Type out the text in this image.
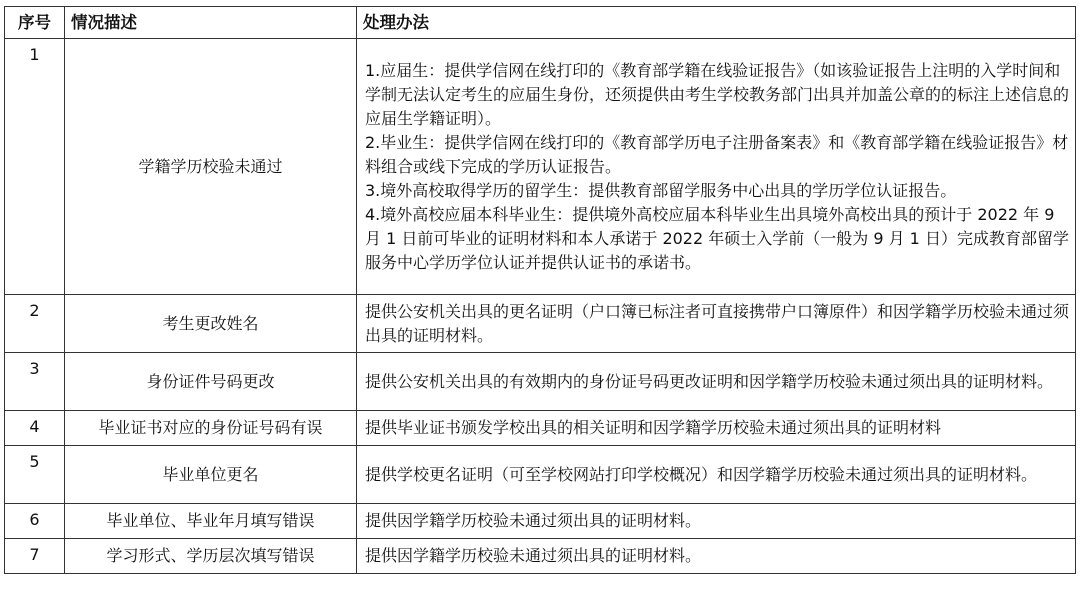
序号	情况描述	处理办法
1	学籍学历校验未通过	1.应届生：提供学信网在线打印的《教育部学籍在线验证报告》（如该验证报告上注明的入学时间和学制无法认定考生的应届生身份，还须提供由考生学校教务部门出具并加盖公章的的标注上述信息的应届生学籍证明）。

2.毕业生：提供学信网在线打印的《教育部学历电子注册备案表》和《教育部学籍在线验证报告》材料组合或线下完成的学历认证报告。

3.境外高校取得学历的留学生：提供教育部留学服务中心出具的学历学位认证报告。

4.境外高校应届本科毕业生：提供境外高校应届本科毕业生出具境外高校出具的预计于 2022 年 9 月 1 日前可毕业的证明材料和本人承诺于 2022 年硕士入学前（一般为 9 月 1 日）完成教育部留学服务中心学历学位认证并提供认证书的承诺书。

2	考生更改姓名	提供公安机关出具的更名证明（户口簿已标注者可直接携带户口簿原件）和因学籍学历校验未通过须出具的证明材料。

3	身份证件号码更改	提供公安机关出具的有效期内的身份证号码更改证明和因学籍学历校验未通过须出具的证明材料。

4	毕业证书对应的身份证号码有误	提供毕业证书颁发学校出具的相关证明和因学籍学历校验未通过须出具的证明材料

5	毕业单位更名	提供学校更名证明（可至学校网站打印学校概况）和因学籍学历校验未通过须出具的证明材料。

6	毕业单位、毕业年月填写错误	提供因学籍学历校验未通过须出具的证明材料。

7	学习形式、学历层次填写错误	提供因学籍学历校验未通过须出具的证明材料。
